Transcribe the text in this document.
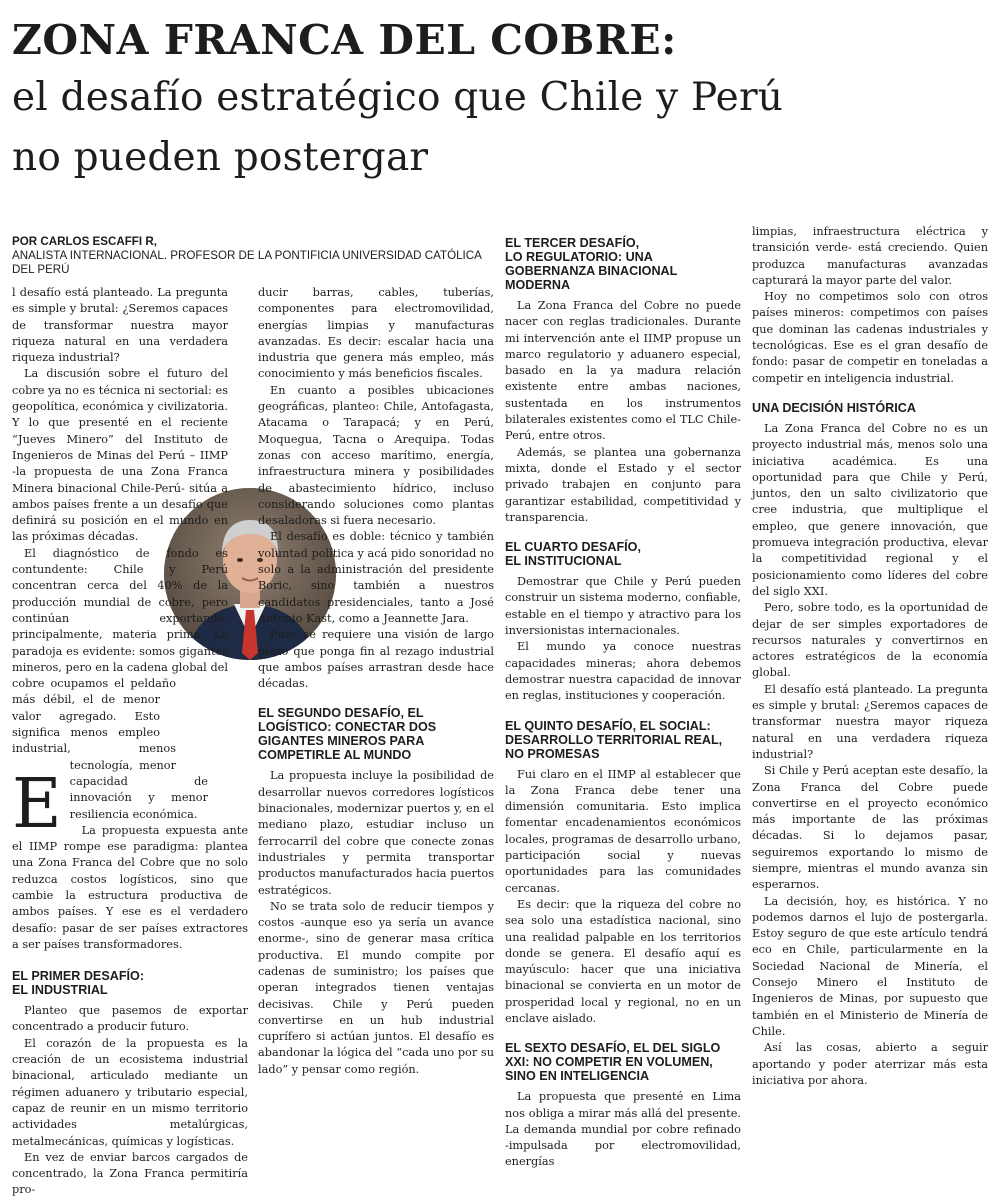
ZONA FRANCA DEL COBRE:
el desafío estratégico que Chile y Perú
no pueden postergar
POR CARLOS ESCAFFI R,
ANALISTA INTERNACIONAL. PROFESOR DE LA PONTIFICIA UNIVERSIDAD CATÓLICA DEL PERÚ

E
l desafío está planteado. La pregunta es simple y brutal: ¿Seremos capaces de transformar nuestra mayor riqueza natural en una verdadera riqueza industrial?

La discusión sobre el futuro del cobre ya no es técnica ni sectorial: es geopolítica, económica y civilizatoria. Y lo que presenté en el reciente “Jueves Minero” del Instituto de Ingenieros de Minas del Perú – IIMP -la propuesta de una Zona Franca Minera binacional Chile-Perú- sitúa a ambos países frente a un desafío que definirá su posición en el mundo en las próximas décadas.

El diagnóstico de fondo es contundente: Chile y Perú concentran cerca del 40% de la producción mundial de cobre, pero continúan exportando, principalmente, materia prima. La paradoja es evidente: somos gigantes mineros, pero en la cadena global del cobre ocupamos el peldaño más débil, el de menor valor agregado. Esto significa menos empleo industrial, menos tecnología, menor capacidad de innovación y menor resiliencia económica.

La propuesta expuesta ante el IIMP rompe ese paradigma: plantea una Zona Franca del Cobre que no solo reduzca costos logísticos, sino que cambie la estructura productiva de ambos países. Y ese es el verdadero desafío: pasar de ser países extractores a ser países transformadores.

EL PRIMER DESAFÍO:
EL INDUSTRIAL

Planteo que pasemos de exportar concentrado a producir futuro.

El corazón de la propuesta es la creación de un ecosistema industrial binacional, articulado mediante un régimen aduanero y tributario especial, capaz de reunir en un mismo territorio actividades metalúrgicas, metalmecánicas, químicas y logísticas.

En vez de enviar barcos cargados de concentrado, la Zona Franca permitiría pro-

ducir barras, cables, tuberías, componentes para electromovilidad, energías limpias y manufacturas avanzadas. Es decir: escalar hacia una industria que genera más empleo, más conocimiento y más beneficios fiscales.

En cuanto a posibles ubicaciones geográficas, planteo: Chile, Antofagasta, Atacama o Tarapacá; y en Perú, Moquegua, Tacna o Arequipa. Todas zonas con acceso marítimo, energía, infraestructura minera y posibilidades de abastecimiento hídrico, incluso considerando soluciones como plantas desaladoras si fuera necesario.

El desafío es doble: técnico y también voluntad política y acá pido sonoridad no solo a la administración del presidente Boric, sino también a nuestros candidatos presidenciales, tanto a José Antonio Kast, como a Jeannette Jara.

Pues se requiere una visión de largo plazo que ponga fin al rezago industrial que ambos países arrastran desde hace décadas.

EL SEGUNDO DESAFÍO, EL
LOGÍSTICO: CONECTAR DOS
GIGANTES MINEROS PARA
COMPETIRLE AL MUNDO

La propuesta incluye la posibilidad de desarrollar nuevos corredores logísticos binacionales, modernizar puertos y, en el mediano plazo, estudiar incluso un ferrocarril del cobre que conecte zonas industriales y permita transportar productos manufacturados hacia puertos estratégicos.

No se trata solo de reducir tiempos y costos -aunque eso ya sería un avance enorme-, sino de generar masa crítica productiva. El mundo compite por cadenas de suministro; los países que operan integrados tienen ventajas decisivas. Chile y Perú pueden convertirse en un hub industrial cuprífero si actúan juntos. El desafío es abandonar la lógica del “cada uno por su lado” y pensar como región.

EL TERCER DESAFÍO,
LO REGULATORIO: UNA
GOBERNANZA BINACIONAL
MODERNA

La Zona Franca del Cobre no puede nacer con reglas tradicionales. Durante mi intervención ante el IIMP propuse un marco regulatorio y aduanero especial, basado en la ya madura relación existente entre ambas naciones, sustentada en los instrumentos bilaterales existentes como el TLC Chile-Perú, entre otros.

Además, se plantea una gobernanza mixta, donde el Estado y el sector privado trabajen en conjunto para garantizar estabilidad, competitividad y transparencia.

EL CUARTO DESAFÍO,
EL INSTITUCIONAL

Demostrar que Chile y Perú pueden construir un sistema moderno, confiable, estable en el tiempo y atractivo para los inversionistas internacionales.

El mundo ya conoce nuestras capacidades mineras; ahora debemos demostrar nuestra capacidad de innovar en reglas, instituciones y cooperación.

EL QUINTO DESAFÍO, EL SOCIAL:
DESARROLLO TERRITORIAL REAL,
NO PROMESAS

Fui claro en el IIMP al establecer que la Zona Franca debe tener una dimensión comunitaria. Esto implica fomentar encadenamientos económicos locales, programas de desarrollo urbano, participación social y nuevas oportunidades para las comunidades cercanas.

Es decir: que la riqueza del cobre no sea solo una estadística nacional, sino una realidad palpable en los territorios donde se genera. El desafío aquí es mayúsculo: hacer que una iniciativa binacional se convierta en un motor de prosperidad local y regional, no en un enclave aislado.

EL SEXTO DESAFÍO, EL DEL SIGLO
XXI: NO COMPETIR EN VOLUMEN,
SINO EN INTELIGENCIA

La propuesta que presenté en Lima nos obliga a mirar más allá del presente. La demanda mundial por cobre refinado -impulsada por electromovilidad, energías

limpias, infraestructura eléctrica y transición verde- está creciendo. Quien produzca manufacturas avanzadas capturará la mayor parte del valor.

Hoy no competimos solo con otros países mineros: competimos con países que dominan las cadenas industriales y tecnológicas. Ese es el gran desafío de fondo: pasar de competir en toneladas a competir en inteligencia industrial.

UNA DECISIÓN HISTÓRICA

La Zona Franca del Cobre no es un proyecto industrial más, menos solo una iniciativa académica. Es una oportunidad para que Chile y Perú, juntos, den un salto civilizatorio que cree industria, que multiplique el empleo, que genere innovación, que promueva integración productiva, elevar la competitividad regional y el posicionamiento como líderes del cobre del siglo XXI.

Pero, sobre todo, es la oportunidad de dejar de ser simples exportadores de recursos naturales y convertirnos en actores estratégicos de la economía global.

El desafío está planteado. La pregunta es simple y brutal: ¿Seremos capaces de transformar nuestra mayor riqueza natural en una verdadera riqueza industrial?

Si Chile y Perú aceptan este desafío, la Zona Franca del Cobre puede convertirse en el proyecto económico más importante de las próximas décadas. Si lo dejamos pasar, seguiremos exportando lo mismo de siempre, mientras el mundo avanza sin esperarnos.

La decisión, hoy, es histórica. Y no podemos darnos el lujo de postergarla. Estoy seguro de que este artículo tendrá eco en Chile, particularmente en la Sociedad Nacional de Minería, el Consejo Minero el Instituto de Ingenieros de Minas, por supuesto que también en el Ministerio de Minería de Chile.

Así las cosas, abierto a seguir aportando y poder aterrizar más esta iniciativa por ahora.
